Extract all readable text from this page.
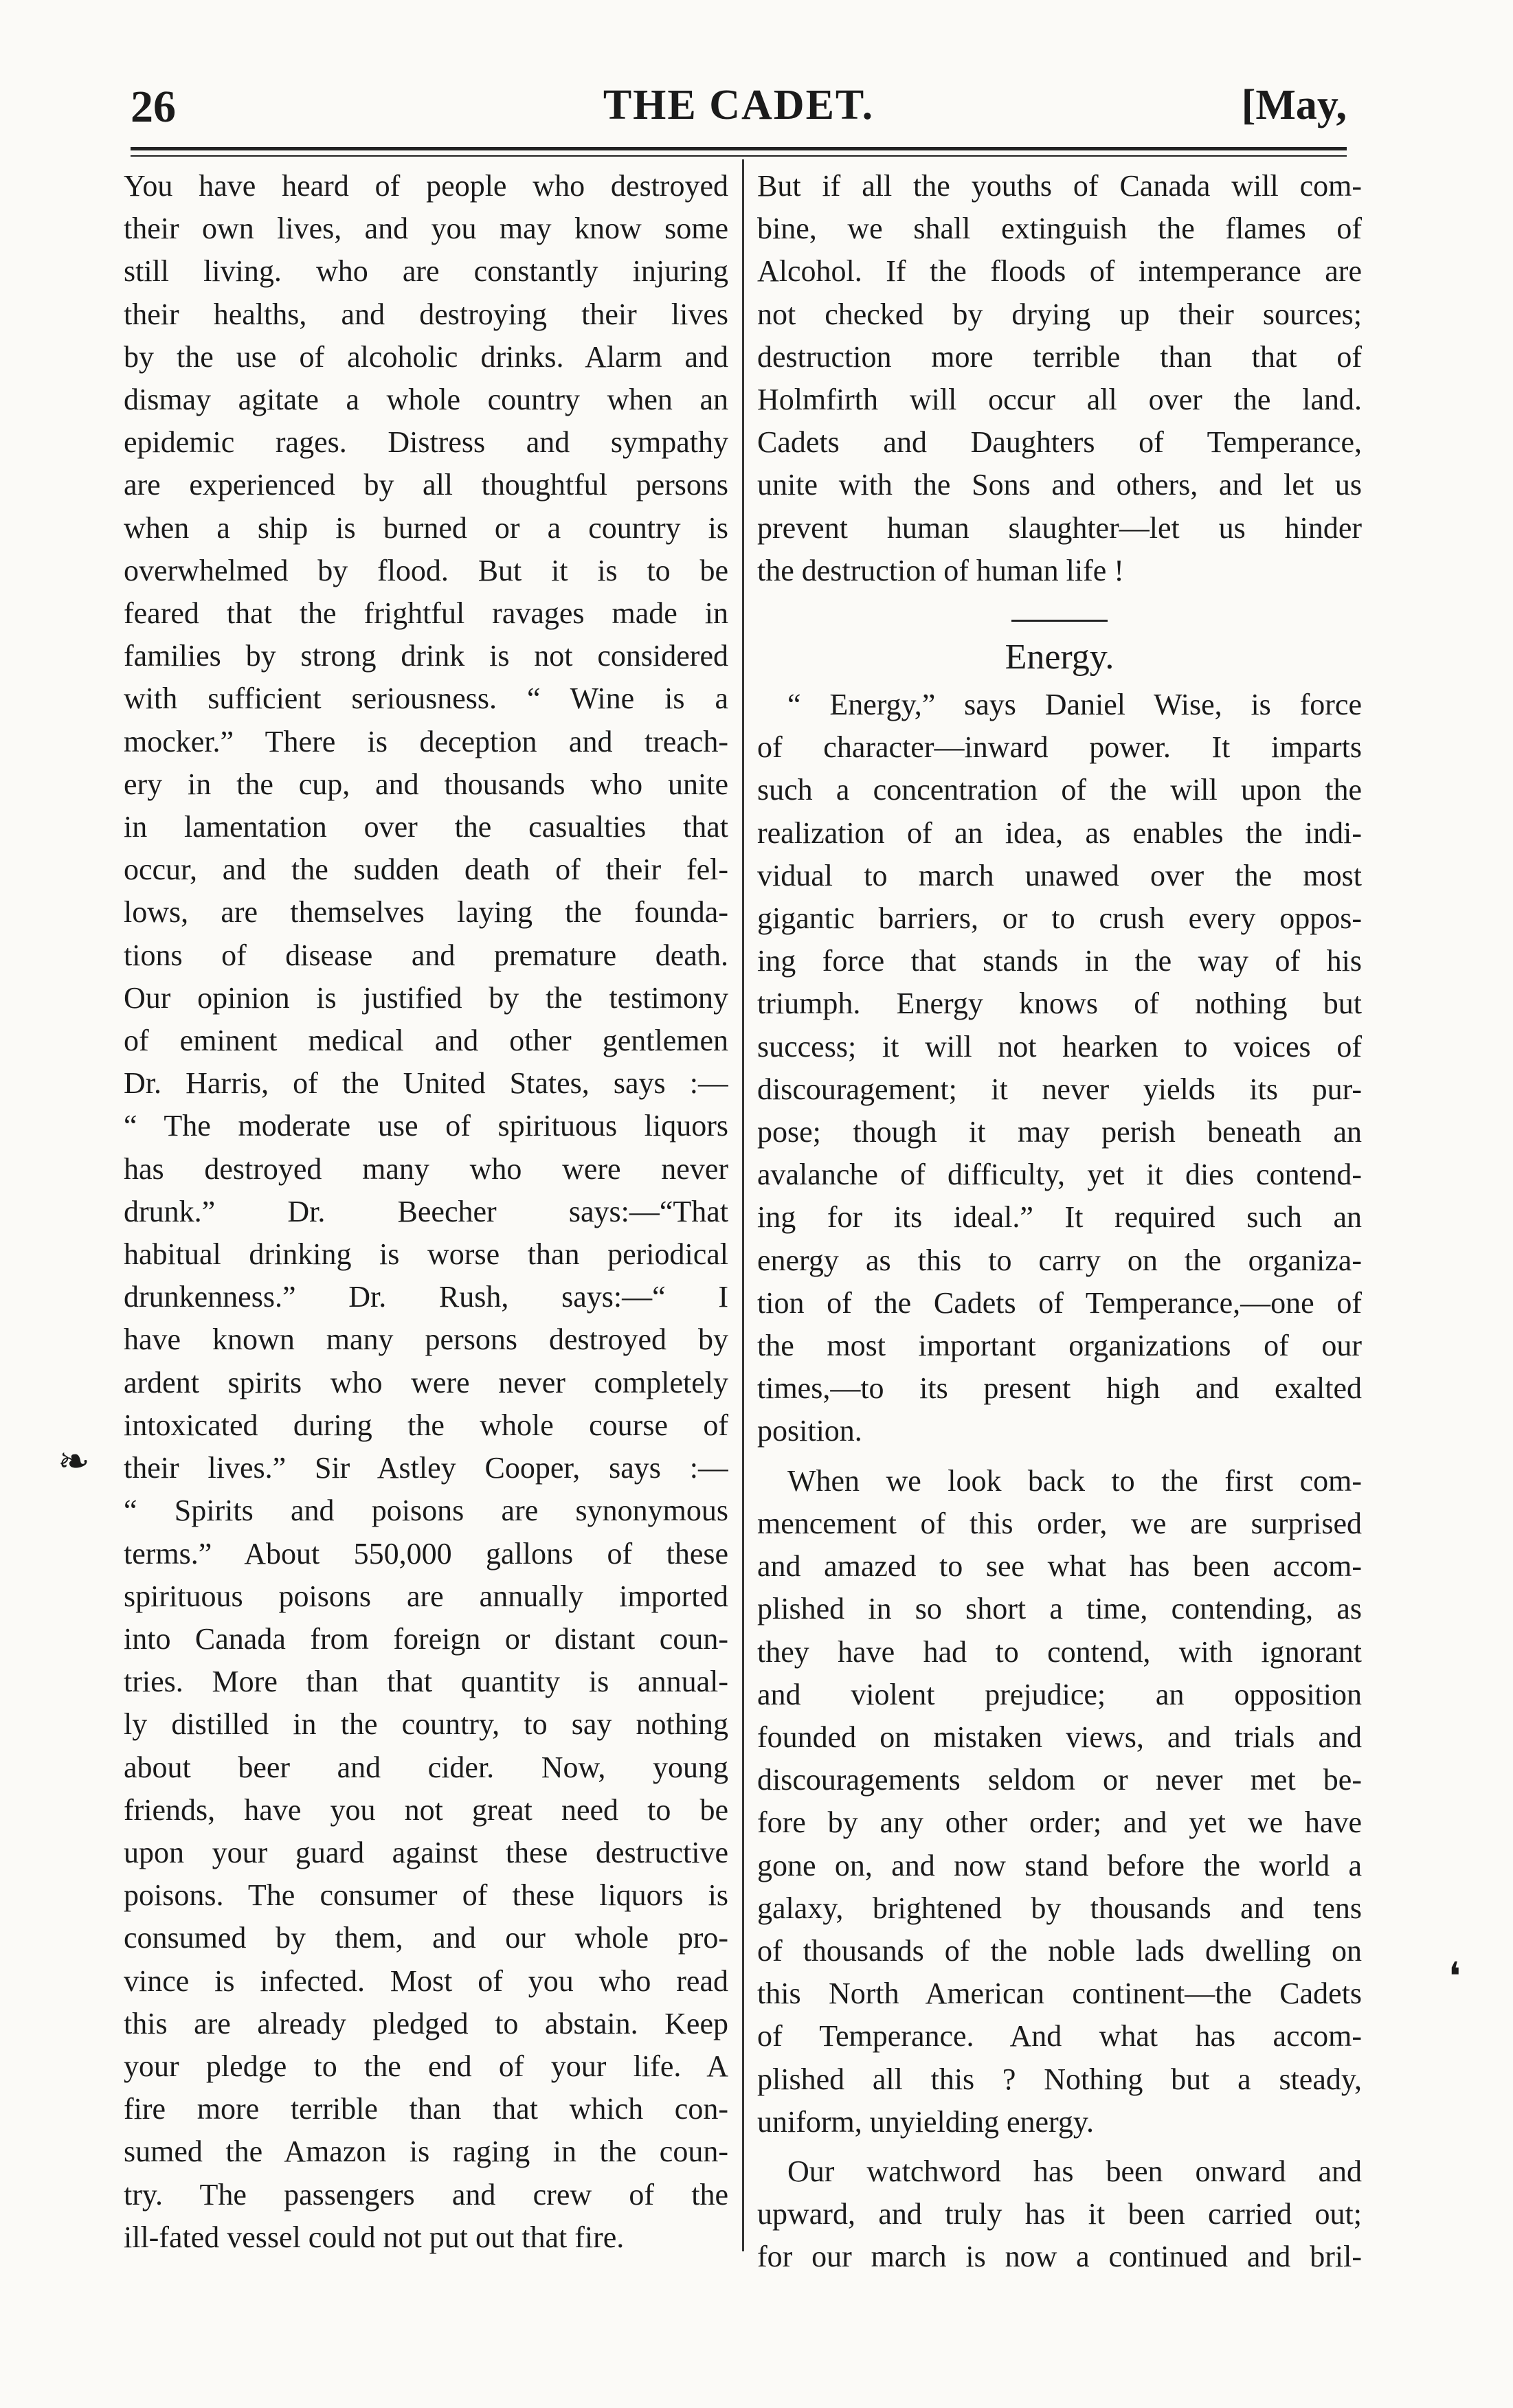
26	THE CADET.	[May,
You have heard of people who destroyed
their own lives, and you may know some
still living. who are constantly injuring
their healths, and destroying their lives
by the use of alcoholic drinks. Alarm and
dismay agitate a whole country when an
epidemic rages. Distress and sympathy
are experienced by all thoughtful persons
when a ship is burned or a country is
overwhelmed by flood. But it is to be
feared that the frightful ravages made in
families by strong drink is not considered
with sufficient seriousness. “ Wine is a
mocker.” There is deception and treach-
ery in the cup, and thousands who unite
in lamentation over the casualties that
occur, and the sudden death of their fel-
lows, are themselves laying the founda-
tions of disease and premature death.
Our opinion is justified by the testimony
of eminent medical and other gentlemen
Dr. Harris, of the United States, says :—
“ The moderate use of spirituous liquors
has destroyed many who were never
drunk.” Dr. Beecher says:—“That
habitual drinking is worse than periodical
drunkenness.” Dr. Rush, says:—“ I
have known many persons destroyed by
ardent spirits who were never completely
intoxicated during the whole course of
their lives.” Sir Astley Cooper, says :—
“ Spirits and poisons are synonymous
terms.” About 550,000 gallons of these
spirituous poisons are annually imported
into Canada from foreign or distant coun-
tries. More than that quantity is annual-
ly distilled in the country, to say nothing
about beer and cider. Now, young
friends, have you not great need to be
upon your guard against these destructive
poisons. The consumer of these liquors is
consumed by them, and our whole pro-
vince is infected. Most of you who read
this are already pledged to abstain. Keep
your pledge to the end of your life. A
fire more terrible than that which con-
sumed the Amazon is raging in the coun-
try. The passengers and crew of the
ill-fated vessel could not put out that fire.
But if all the youths of Canada will com-
bine, we shall extinguish the flames of
Alcohol. If the floods of intemperance are
not checked by drying up their sources;
destruction more terrible than that of
Holmfirth will occur all over the land.
Cadets and Daughters of Temperance,
unite with the Sons and others, and let us
prevent human slaughter—let us hinder
the destruction of human life !
Energy.
“ Energy,” says Daniel Wise, is force
of character—inward power. It imparts
such a concentration of the will upon the
realization of an idea, as enables the indi-
vidual to march unawed over the most
gigantic barriers, or to crush every oppos-
ing force that stands in the way of his
triumph. Energy knows of nothing but
success; it will not hearken to voices of
discouragement; it never yields its pur-
pose; though it may perish beneath an
avalanche of difficulty, yet it dies contend-
ing for its ideal.” It required such an
energy as this to carry on the organiza-
tion of the Cadets of Temperance,—one of
the most important organizations of our
times,—to its present high and exalted
position.
When we look back to the first com-
mencement of this order, we are surprised
and amazed to see what has been accom-
plished in so short a time, contending, as
they have had to contend, with ignorant
and violent prejudice; an opposition
founded on mistaken views, and trials and
discouragements seldom or never met be-
fore by any other order; and yet we have
gone on, and now stand before the world a
galaxy, brightened by thousands and tens
of thousands of the noble lads dwelling on
this North American continent—the Cadets
of Temperance. And what has accom-
plished all this ? Nothing but a steady,
uniform, unyielding energy.
Our watchword has been onward and
upward, and truly has it been carried out;
for our march is now a continued and bril-
❧
❛
